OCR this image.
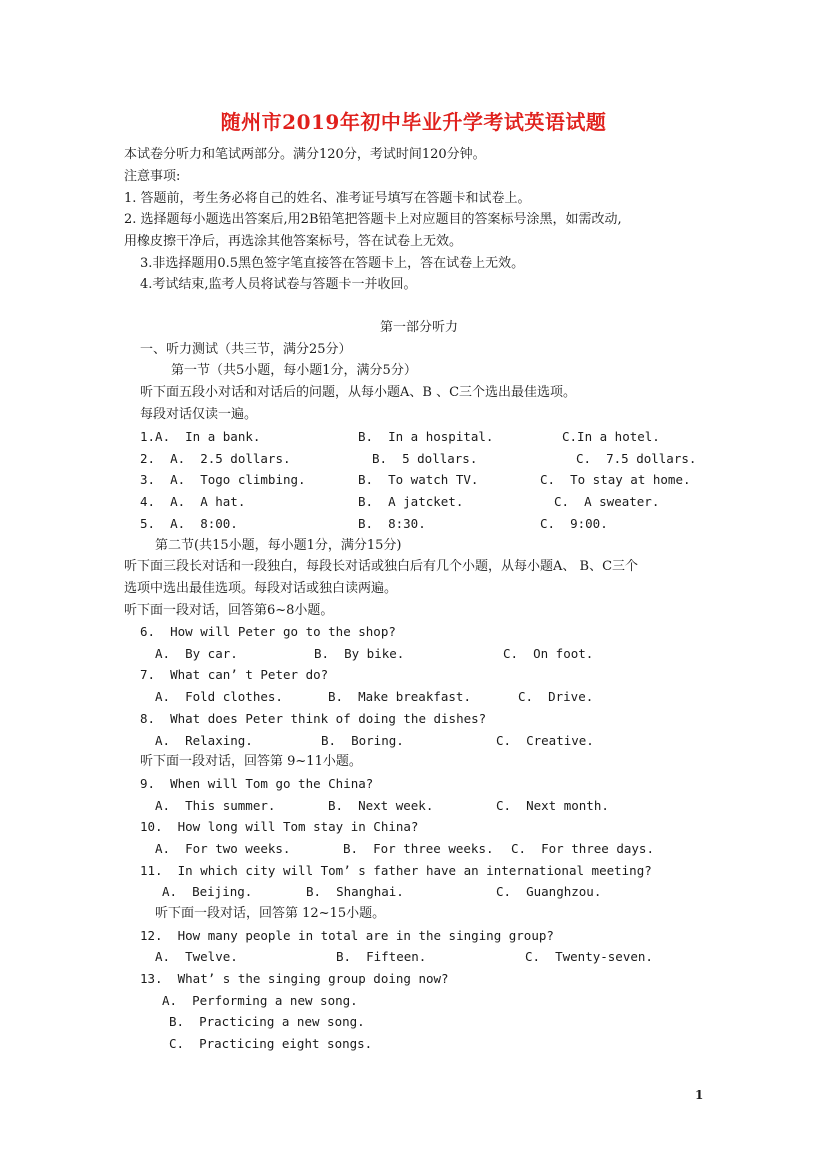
随州市2019年初中毕业升学考试英语试题
本试卷分听力和笔试两部分。满分120分，考试时间120分钟。
注意事项:
1. 答题前，考生务必将自己的姓名、准考证号填写在答题卡和试卷上。
2. 选择题每小题选出答案后,用2B铅笔把答题卡上对应题目的答案标号涂黑，如需改动,
用橡皮擦干净后，再选涂其他答案标号，答在试卷上无效。
3.非选择题用0.5黑色签字笔直接答在答题卡上，答在试卷上无效。
4.考试结束,监考人员将试卷与答题卡一并收回。
第一部分听力
一、听力测试（共三节，满分25分）
第一节（共5小题，每小题1分，满分5分）
听下面五段小对话和对话后的问题，从每小题A、B 、C三个选出最佳选项。
每段对话仅读一遍。
1.A.  In a bank.	B.  In a hospital.	C.In a hotel.
2.  A.  2.5 dollars.	B.  5 dollars.	C.  7.5 dollars.
3.  A.  Togo climbing.	B.  To watch TV.	C.  To stay at home.
4.  A.  A hat.	B.  A jatcket.	C.  A sweater.
5.  A.  8:00.	B.  8:30.	C.  9:00.
第二节(共15小题，每小题1分，满分15分)
听下面三段长对话和一段独白，每段长对话或独白后有几个小题，从每小题A、 B、C三个
选项中选出最佳选项。每段对话或独白读两遍。
听下面一段对话，回答第6~8小题。
6.  How will Peter go to the shop?
A.  By car.	B.  By bike.	C.  On foot.
7.  What can’ t Peter do?
A.  Fold clothes.	B.  Make breakfast.	C.  Drive.
8.  What does Peter think of doing the dishes?
A.  Relaxing.	B.  Boring.	C.  Creative.
听下面一段对话，回答第 9~11小题。
9.  When will Tom go the China?
A.  This summer.	B.  Next week.	C.  Next month.
10.  How long will Tom stay in China?
A.  For two weeks.	B.  For three weeks. C.  For three days.
11.  In which city will Tom’ s father have an international meeting?
A.  Beijing.	B.  Shanghai.	C.  Guanghzou.
听下面一段对话，回答第 12~15小题。
12.  How many people in total are in the singing group?
A.  Twelve.	B.  Fifteen.	C.  Twenty-seven.
13.  What’ s the singing group doing now?
A.  Performing a new song.
B.  Practicing a new song.
C.  Practicing eight songs.
1
